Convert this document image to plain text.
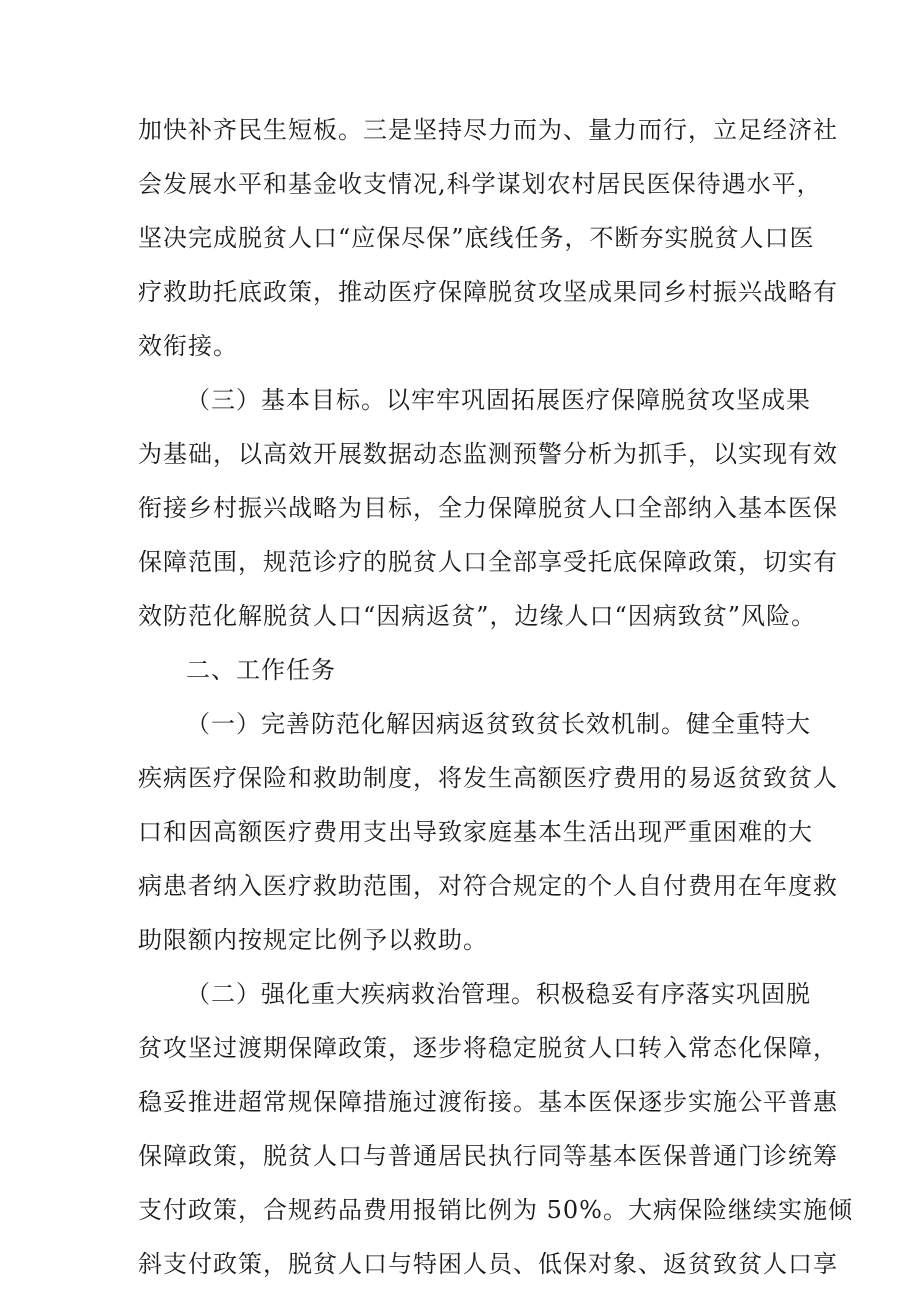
加快补齐民生短板。三是坚持尽力而为、量力而行，立足经济社

会发展水平和基金收支情况,科学谋划农村居民医保待遇水平，

坚决完成脱贫人口“应保尽保”底线任务，不断夯实脱贫人口医

疗救助托底政策，推动医疗保障脱贫攻坚成果同乡村振兴战略有

效衔接。

（三）基本目标。以牢牢巩固拓展医疗保障脱贫攻坚成果

为基础，以高效开展数据动态监测预警分析为抓手，以实现有效

衔接乡村振兴战略为目标，全力保障脱贫人口全部纳入基本医保

保障范围，规范诊疗的脱贫人口全部享受托底保障政策，切实有

效防范化解脱贫人口“因病返贫”，边缘人口“因病致贫”风险。

二、工作任务

（一）完善防范化解因病返贫致贫长效机制。健全重特大

疾病医疗保险和救助制度，将发生高额医疗费用的易返贫致贫人

口和因高额医疗费用支出导致家庭基本生活出现严重困难的大

病患者纳入医疗救助范围，对符合规定的个人自付费用在年度救

助限额内按规定比例予以救助。

（二）强化重大疾病救治管理。积极稳妥有序落实巩固脱

贫攻坚过渡期保障政策，逐步将稳定脱贫人口转入常态化保障，

稳妥推进超常规保障措施过渡衔接。基本医保逐步实施公平普惠

保障政策，脱贫人口与普通居民执行同等基本医保普通门诊统筹

支付政策，合规药品费用报销比例为 50%。大病保险继续实施倾

斜支付政策，脱贫人口与特困人员、低保对象、返贫致贫人口享
